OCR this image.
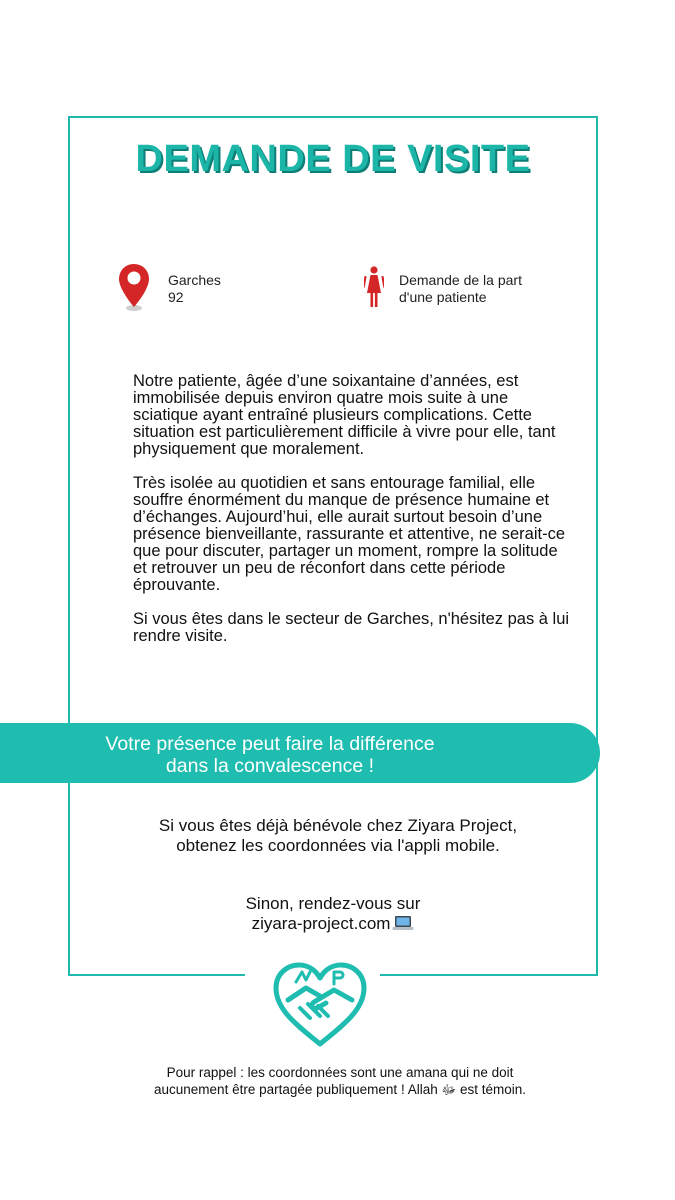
DEMANDE DE VISITE
Garches
92
Demande de la part
d'une patiente

Notre patiente, âgée d’une soixantaine d’années, est immobilisée depuis environ quatre mois suite à une sciatique ayant entraîné plusieurs complications. Cette situation est particulièrement difficile à vivre pour elle, tant physiquement que moralement.

Très isolée au quotidien et sans entourage familial, elle souffre énormément du manque de présence humaine et d’échanges. Aujourd’hui, elle aurait surtout besoin d’une présence bienveillante, rassurante et attentive, ne serait-ce que pour discuter, partager un moment, rompre la solitude et retrouver un peu de réconfort dans cette période éprouvante.

Si vous êtes dans le secteur de Garches, n'hésitez pas à lui rendre visite.

Votre présence peut faire la différence
dans la convalescence !
Si vous êtes déjà bénévole chez Ziyara Project,
obtenez les coordonnées via l'appli mobile.
Sinon, rendez-vous sur
ziyara-project.com
Pour rappel : les coordonnées sont une amana qui ne doit
aucunement être partagée publiquement ! Allah ﷻ est témoin.
